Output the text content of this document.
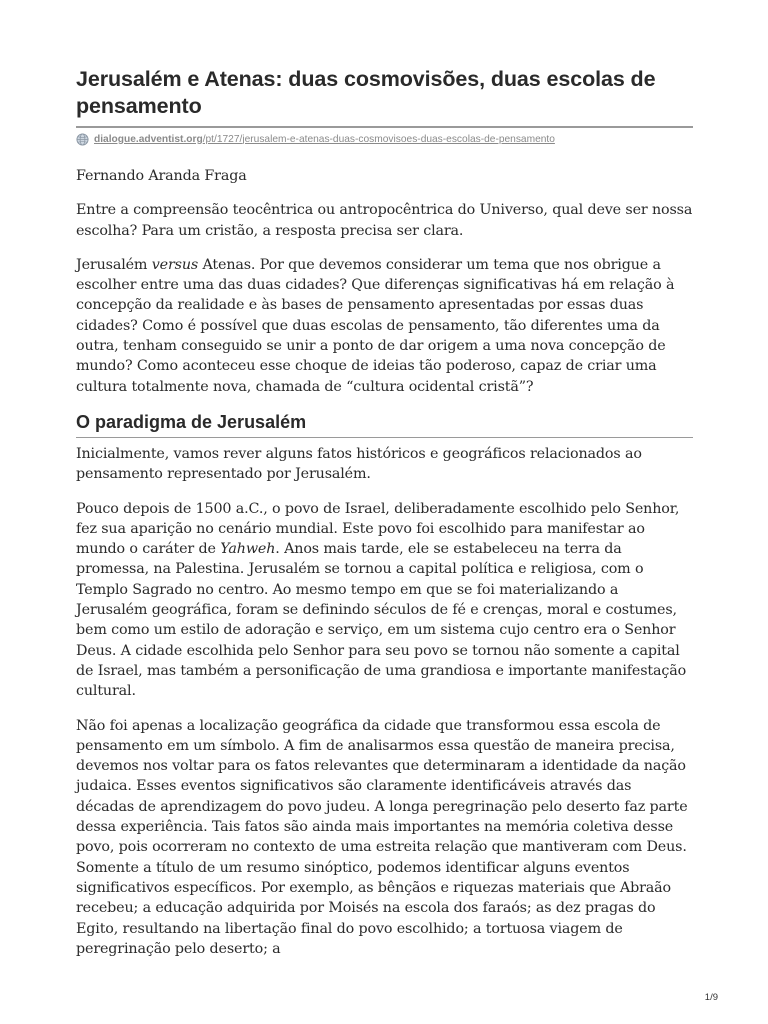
Jerusalém e Atenas: duas cosmovisões, duas escolas de pensamento
dialogue.adventist.org/pt/1727/jerusalem-e-atenas-duas-cosmovisoes-duas-escolas-de-pensamento
Fernando Aranda Fraga

Entre a compreensão teocêntrica ou antropocêntrica do Universo, qual deve ser nossa escolha? Para um cristão, a resposta precisa ser clara.

Jerusalém versus Atenas. Por que devemos considerar um tema que nos obrigue a escolher entre uma das duas cidades? Que diferenças significativas há em relação à concepção da realidade e às bases de pensamento apresentadas por essas duas cidades? Como é possível que duas escolas de pensamento, tão diferentes uma da outra, tenham conseguido se unir a ponto de dar origem a uma nova concepção de mundo? Como aconteceu esse choque de ideias tão poderoso, capaz de criar uma cultura totalmente nova, chamada de “cultura ocidental cristã”?

O paradigma de Jerusalém

Inicialmente, vamos rever alguns fatos históricos e geográficos relacionados ao pensamento representado por Jerusalém.

Pouco depois de 1500 a.C., o povo de Israel, deliberadamente escolhido pelo Senhor, fez sua aparição no cenário mundial. Este povo foi escolhido para manifestar ao mundo o caráter de Yahweh. Anos mais tarde, ele se estabeleceu na terra da promessa, na Palestina. Jerusalém se tornou a capital política e religiosa, com o Templo Sagrado no centro. Ao mesmo tempo em que se foi materializando a Jerusalém geográfica, foram se definindo séculos de fé e crenças, moral e costumes, bem como um estilo de adoração e serviço, em um sistema cujo centro era o Senhor Deus. A cidade escolhida pelo Senhor para seu povo se tornou não somente a capital de Israel, mas também a personificação de uma grandiosa e importante manifestação cultural.

Não foi apenas a localização geográfica da cidade que transformou essa escola de pensamento em um símbolo. A fim de analisarmos essa questão de maneira precisa, devemos nos voltar para os fatos relevantes que determinaram a identidade da nação judaica. Esses eventos significativos são claramente identificáveis através das décadas de aprendizagem do povo judeu. A longa peregrinação pelo deserto faz parte dessa experiência. Tais fatos são ainda mais importantes na memória coletiva desse povo, pois ocorreram no contexto de uma estreita relação que mantiveram com Deus. Somente a título de um resumo sinóptico, podemos identificar alguns eventos significativos específicos. Por exemplo, as bênçãos e riquezas materiais que Abraão recebeu; a educação adquirida por Moisés na escola dos faraós; as dez pragas do Egito, resultando na libertação final do povo escolhido; a tortuosa viagem de peregrinação pelo deserto; a

1/9
